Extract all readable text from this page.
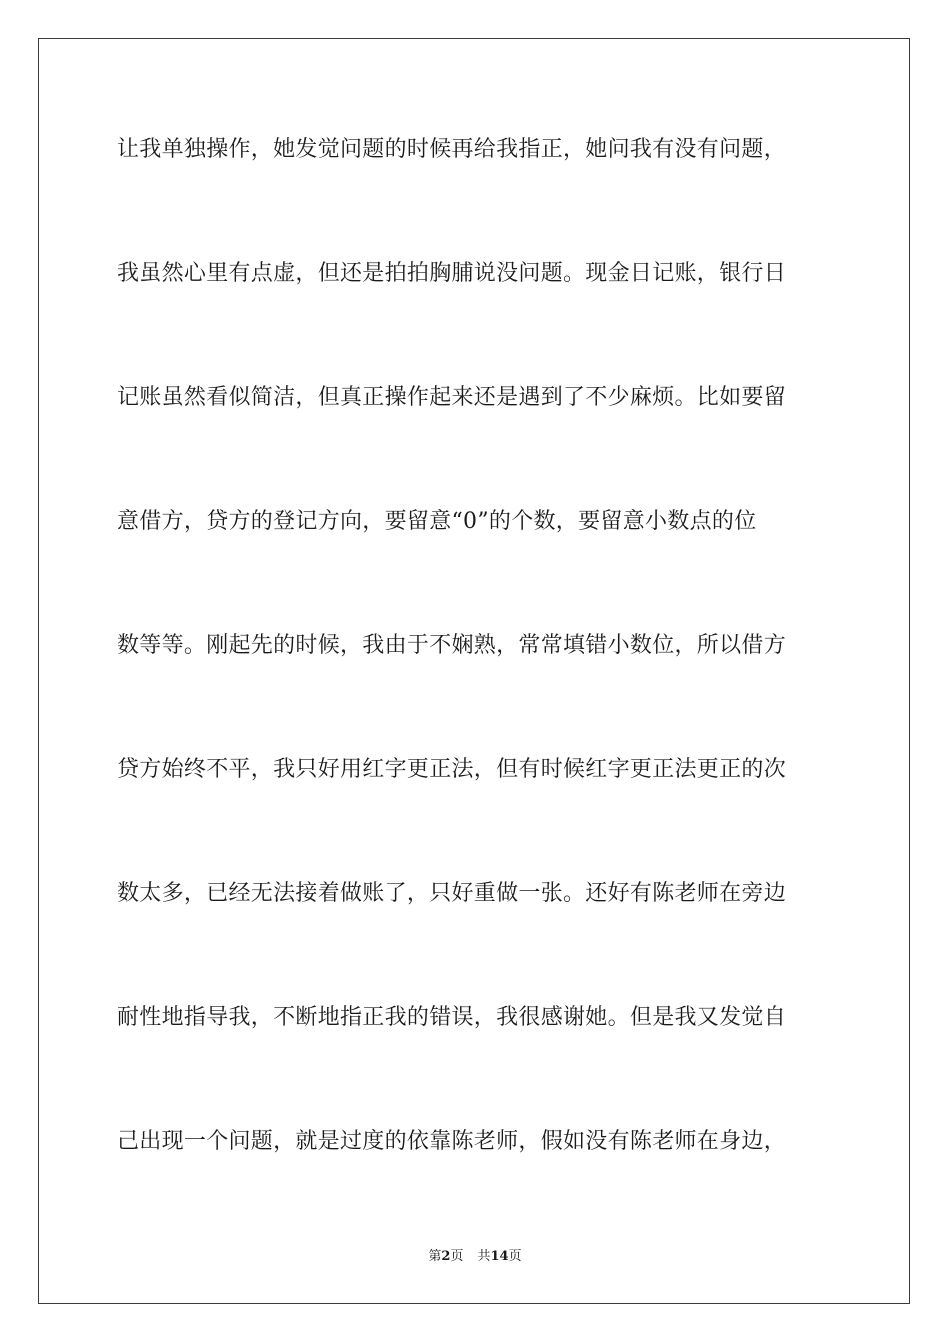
让我单独操作，她发觉问题的时候再给我指正，她问我有没有问题，
我虽然心里有点虚，但还是拍拍胸脯说没问题。现金日记账，银行日
记账虽然看似简洁，但真正操作起来还是遇到了不少麻烦。比如要留
意借方，贷方的登记方向，要留意“0”的个数，要留意小数点的位
数等等。刚起先的时候，我由于不娴熟，常常填错小数位，所以借方
贷方始终不平，我只好用红字更正法，但有时候红字更正法更正的次
数太多，已经无法接着做账了，只好重做一张。还好有陈老师在旁边
耐性地指导我，不断地指正我的错误，我很感谢她。但是我又发觉自
己出现一个问题，就是过度的依靠陈老师，假如没有陈老师在身边，
第2页 共14页
